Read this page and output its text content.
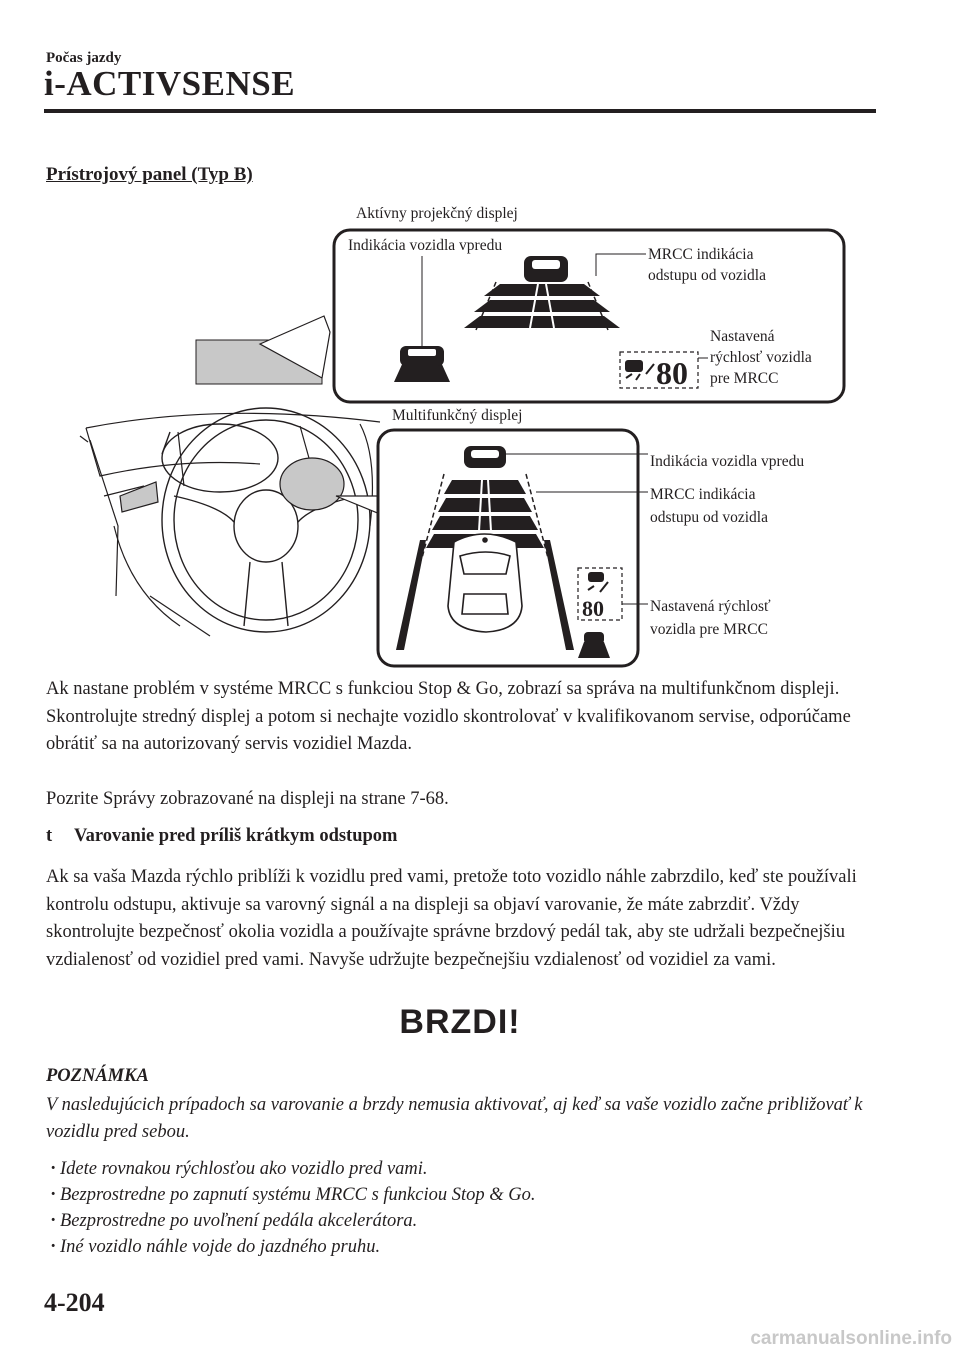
Počas jazdy
i-ACTIVSENSE
Prístrojový panel (Typ B)
Aktívny projekčný displej
Indikácia vozidla vpredu
MRCC indikácia
odstupu od vozidla
80
Nastavená
rýchlosť vozidla
pre MRCC
Multifunkčný displej
80
Indikácia vozidla vpredu
MRCC indikácia
odstupu od vozidla
Nastavená rýchlosť
vozidla pre MRCC
Ak nastane problém v systéme MRCC s funkciou Stop & Go, zobrazí sa správa na multifunkčnom displeji. Skontrolujte stredný displej a potom si nechajte vozidlo skontrolovať v kvalifikovanom servise, odporúčame obrátiť sa na autorizovaný servis vozidiel Mazda.
Pozrite Správy zobrazované na displeji na strane 7-68.
t Varovanie pred príliš krátkym odstupom
Ak sa vaša Mazda rýchlo priblíži k vozidlu pred vami, pretože toto vozidlo náhle zabrzdilo, keď ste používali kontrolu odstupu, aktivuje sa varovný signál a na displeji sa objaví varovanie, že máte zabrzdiť. Vždy skontrolujte bezpečnosť okolia vozidla a používajte správne brzdový pedál tak, aby ste udržali bezpečnejšiu vzdialenosť od vozidiel pred vami. Navyše udržujte bezpečnejšiu vzdialenosť od vozidiel za vami.
BRZDI!
POZNÁMKA
V nasledujúcich prípadoch sa varovanie a brzdy nemusia aktivovať, aj keď sa vaše vozidlo začne približovať k vozidlu pred sebou.
· Idete rovnakou rýchlosťou ako vozidlo pred vami.
· Bezprostredne po zapnutí systému MRCC s funkciou Stop & Go.
· Bezprostredne po uvoľnení pedála akcelerátora.
· Iné vozidlo náhle vojde do jazdného pruhu.
4-204
carmanualsonline.info
